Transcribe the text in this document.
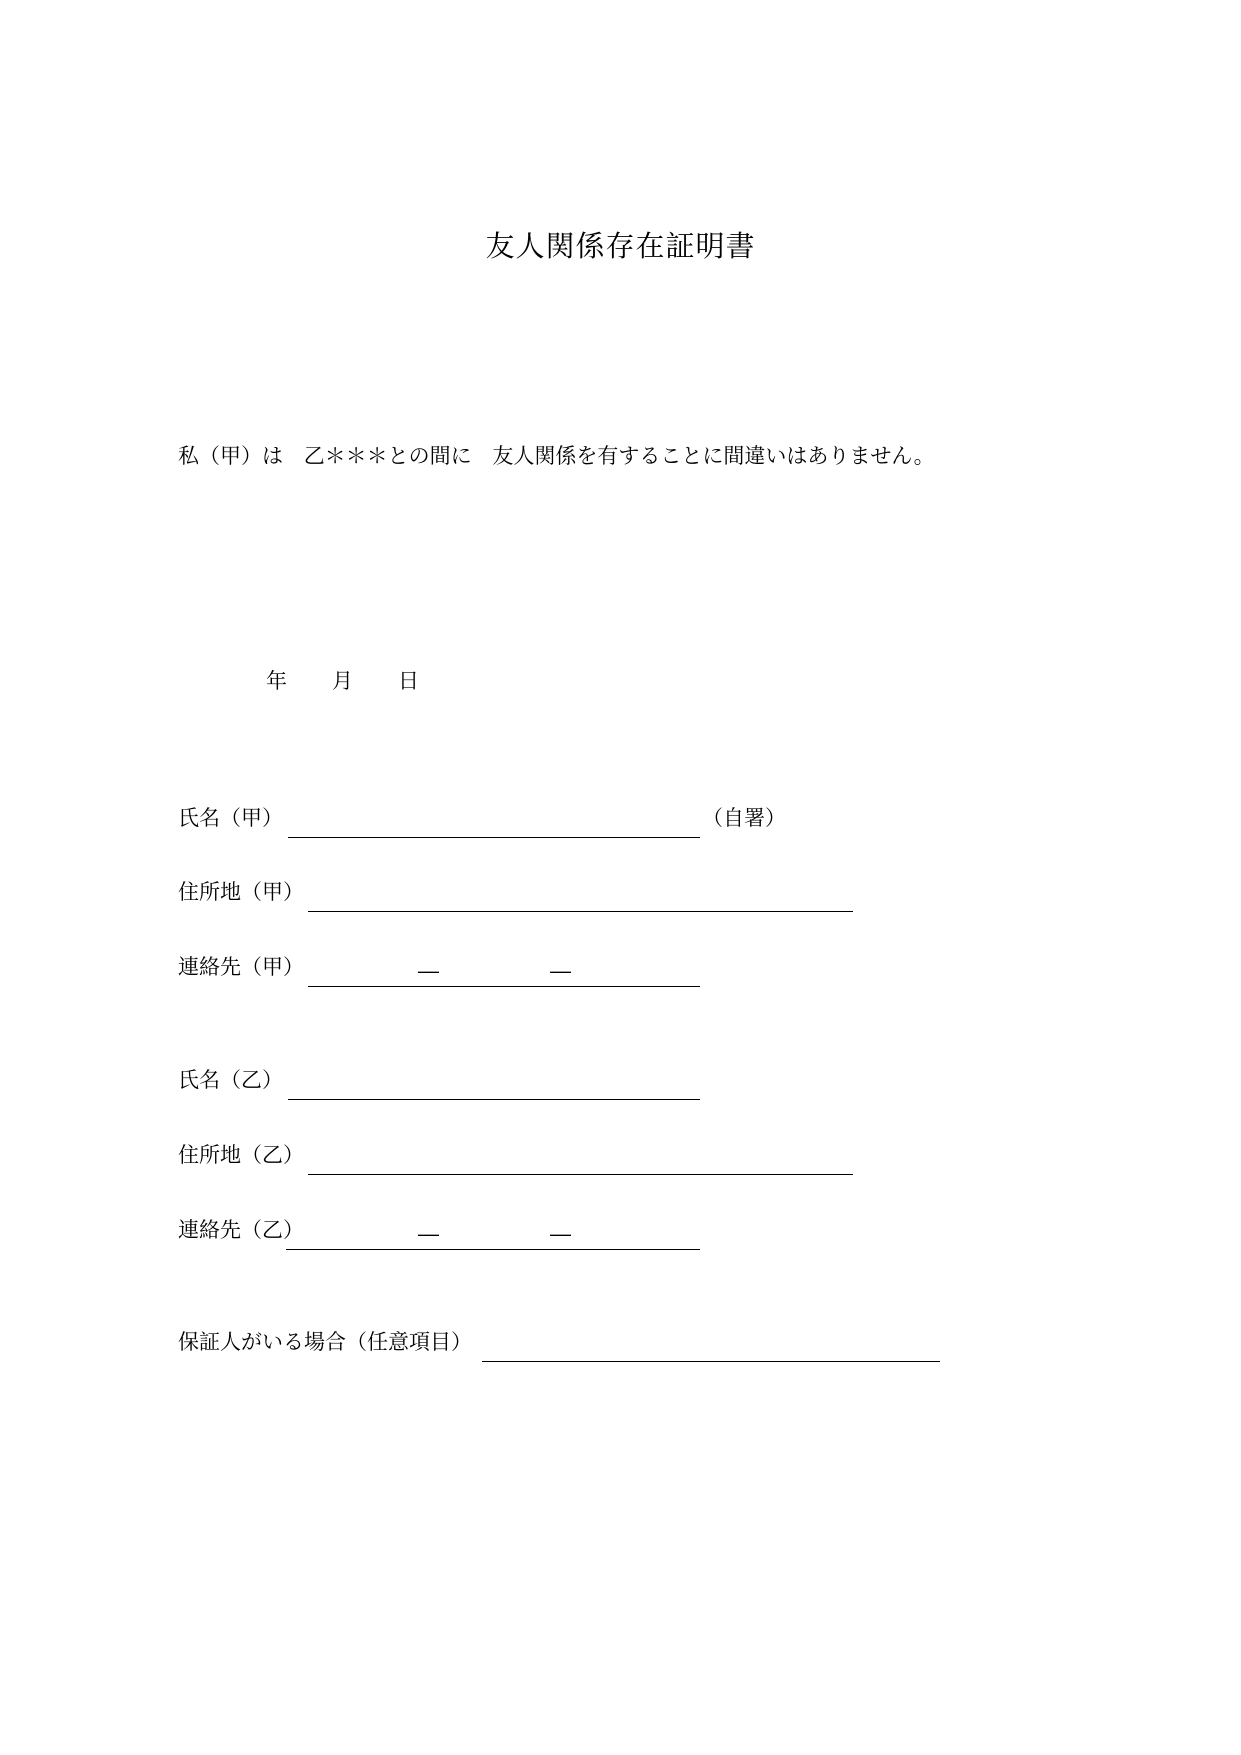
友人関係存在証明書
私（甲）は 乙＊＊＊との間に 友人関係を有することに間違いはありません。
年 月 日
氏名（甲）	（自署）
住所地（甲）
連絡先（甲）	―	―
氏名（乙）
住所地（乙）
連絡先（乙）	―	―
保証人がいる場合（任意項目）
